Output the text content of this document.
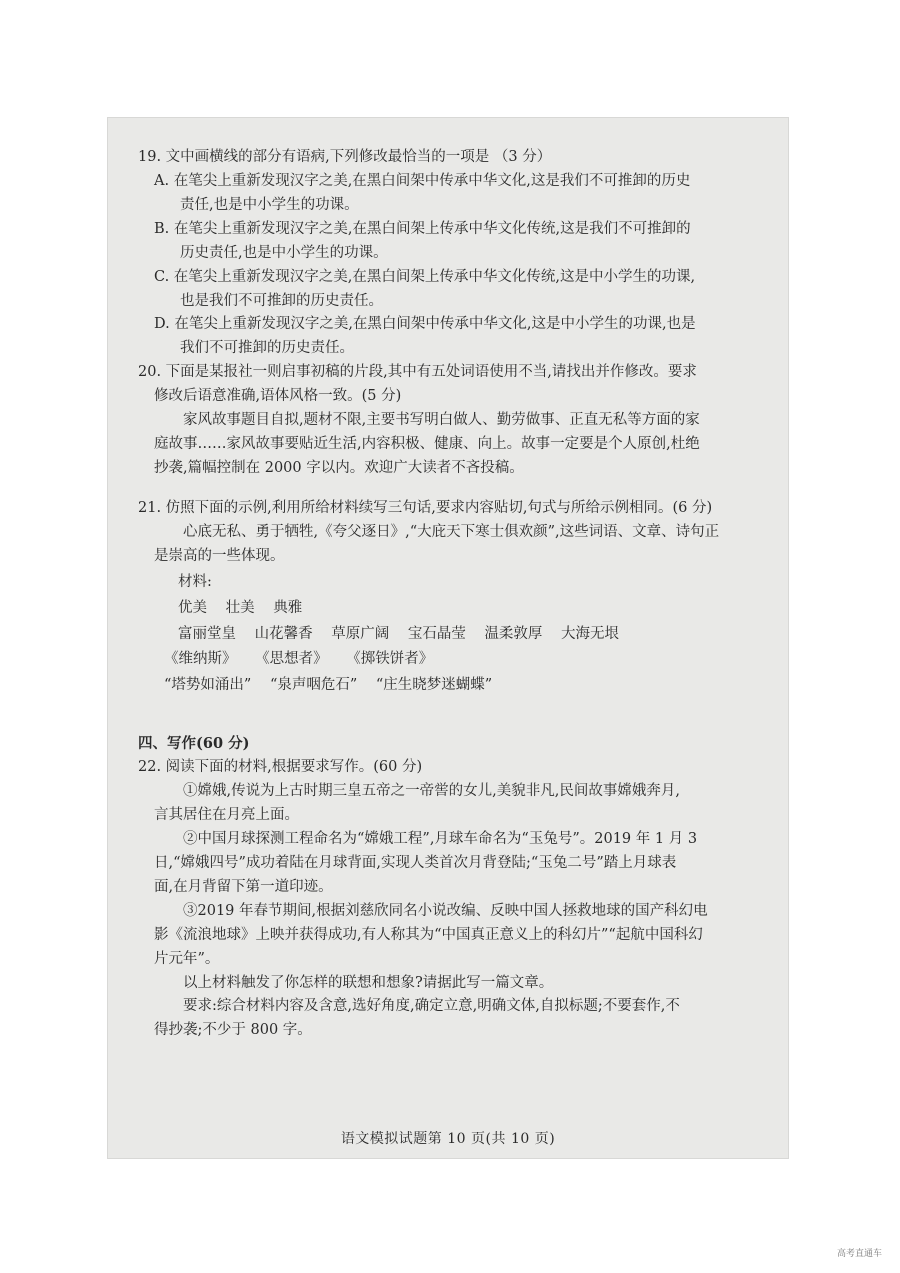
19. 文中画横线的部分有语病,下列修改最恰当的一项是 （3 分）

A. 在笔尖上重新发现汉字之美,在黑白间架中传承中华文化,这是我们不可推卸的历史
责任,也是中小学生的功课。
B. 在笔尖上重新发现汉字之美,在黑白间架上传承中华文化传统,这是我们不可推卸的
历史责任,也是中小学生的功课。
C. 在笔尖上重新发现汉字之美,在黑白间架上传承中华文化传统,这是中小学生的功课,
也是我们不可推卸的历史责任。
D. 在笔尖上重新发现汉字之美,在黑白间架中传承中华文化,这是中小学生的功课,也是
我们不可推卸的历史责任。

20. 下面是某报社一则启事初稿的片段,其中有五处词语使用不当,请找出并作修改。要求

修改后语意准确,语体风格一致。(5 分)

家风故事题目自拟,题材不限,主要书写明白做人、勤劳做事、正直无私等方面的家

庭故事……家风故事要贴近生活,内容积极、健康、向上。故事一定要是个人原创,杜绝

抄袭,篇幅控制在 2000 字以内。欢迎广大读者不吝投稿。

21. 仿照下面的示例,利用所给材料续写三句话,要求内容贴切,句式与所给示例相同。(6 分)

心底无私、勇于牺牲,《夸父逐日》,“大庇天下寒士俱欢颜”,这些词语、文章、诗句正

是崇高的一些体现。

材料:
优美 壮美 典雅
富丽堂皇 山花馨香 草原广阔 宝石晶莹 温柔敦厚 大海无垠
《维纳斯》 《思想者》 《掷铁饼者》
“塔势如涌出” “泉声咽危石” “庄生晓梦迷蝴蝶”
四、写作(60 分)

22. 阅读下面的材料,根据要求写作。(60 分)

①嫦娥,传说为上古时期三皇五帝之一帝喾的女儿,美貌非凡,民间故事嫦娥奔月,

言其居住在月亮上面。

②中国月球探测工程命名为“嫦娥工程”,月球车命名为“玉兔号”。2019 年 1 月 3

日,“嫦娥四号”成功着陆在月球背面,实现人类首次月背登陆;“玉兔二号”踏上月球表

面,在月背留下第一道印迹。

③2019 年春节期间,根据刘慈欣同名小说改编、反映中国人拯救地球的国产科幻电

影《流浪地球》上映并获得成功,有人称其为“中国真正意义上的科幻片”“起航中国科幻

片元年”。

以上材料触发了你怎样的联想和想象?请据此写一篇文章。

要求:综合材料内容及含意,选好角度,确定立意,明确文体,自拟标题;不要套作,不

得抄袭;不少于 800 字。

语文模拟试题第 10 页(共 10 页)
高考直通车
